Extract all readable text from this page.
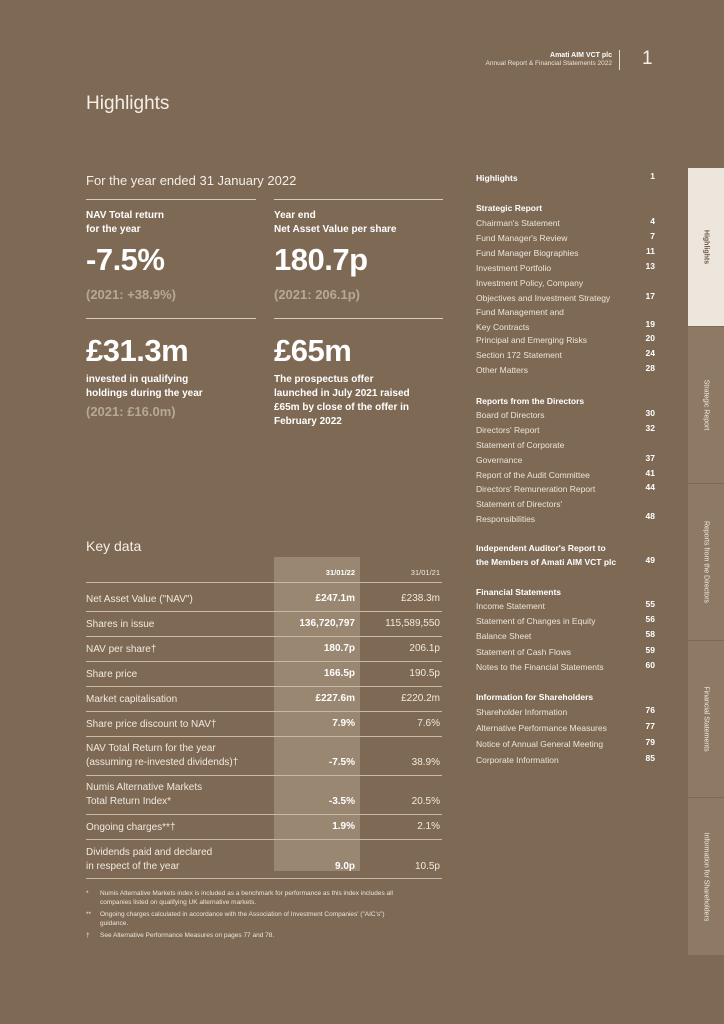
Amati AIM VCT plc
Annual Report & Financial Statements 2022 1
Highlights
For the year ended 31 January 2022
NAV Total return
for the year
-7.5%
(2021: +38.9%)
Year end
Net Asset Value per share
180.7p
(2021: 206.1p)
£31.3m
invested in qualifying
holdings during the year
(2021: £16.0m)
£65m
The prospectus offer
launched in July 2021 raised
£65m by close of the offer in
February 2022
Key data
31/01/22	31/01/21
Net Asset Value ("NAV")	£247.1m	£238.3m
Shares in issue	136,720,797	115,589,550
NAV per share†	180.7p	206.1p
Share price	166.5p	190.5p
Market capitalisation	£227.6m	£220.2m
Share price discount to NAV†	7.9%	7.6%
NAV Total Return for the year
(assuming re-invested dividends)†	-7.5%	38.9%
Numis Alternative Markets
Total Return Index*	-3.5%	20.5%
Ongoing charges**†	1.9%	2.1%
Dividends paid and declared
in respect of the year	9.0p	10.5p
* Numis Alternative Markets index is included as a benchmark for performance as this index includes all
companies listed on qualifying UK alternative markets.
** Ongoing charges calculated in accordance with the Association of Investment Companies' ("AIC's")
guidance.
† See Alternative Performance Measures on pages 77 and 78.
Highlights	1
Strategic Report
Chairman's Statement	4
Fund Manager's Review	7
Fund Manager Biographies	11
Investment Portfolio	13
Investment Policy, Company
Objectives and Investment Strategy	17
Fund Management and
Key Contracts	19
Principal and Emerging Risks	20
Section 172 Statement	24
Other Matters	28
Reports from the Directors
Board of Directors	30
Directors' Report	32
Statement of Corporate
Governance	37
Report of the Audit Committee	41
Directors' Remuneration Report	44
Statement of Directors'
Responsibilities	48
Independent Auditor's Report to
the Members of Amati AIM VCT plc	49
Financial Statements
Income Statement	55
Statement of Changes in Equity	56
Balance Sheet	58
Statement of Cash Flows	59
Notes to the Financial Statements	60
Information for Shareholders
Shareholder Information	76
Alternative Performance Measures	77
Notice of Annual General Meeting	79
Corporate Information	85
Highlights
Strategic Report
Reports from the Directors
Financial Statements
Information for Shareholders
